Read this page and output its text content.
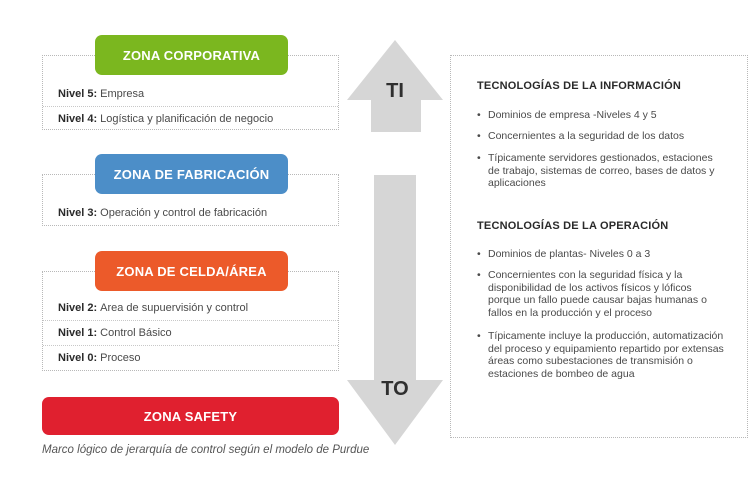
Nivel 5: Empresa
Nivel 4: Logística y planificación de negocio
ZONA CORPORATIVA
Nivel 3: Operación y control de fabricación
ZONA DE FABRICACIÓN
Nivel 2: Area de supuervisión y control
Nivel 1: Control Básico
Nivel 0: Proceso
ZONA DE CELDA/ÁREA
ZONA SAFETY
Marco lógico de jerarquía de control según el modelo de Purdue
TI
TO
TECNOLOGÍAS DE LA INFORMACIÓN
• Dominios de empresa -Niveles 4 y 5
• Concernientes a la seguridad de los datos
• Típicamente servidores gestionados, estaciones de trabajo, sistemas de correo, bases de datos y aplicaciones
TECNOLOGÍAS DE LA OPERACIÓN
• Dominios de plantas- Niveles 0 a 3
• Concernientes con la seguridad física y la disponibilidad de los activos físicos y lóficos porque un fallo puede causar bajas humanas o fallos en la producción y el proceso
• Típicamente incluye la producción, automatización del proceso y equipamiento repartido por extensas áreas como subestaciones de transmisión o estaciones de bombeo de agua
